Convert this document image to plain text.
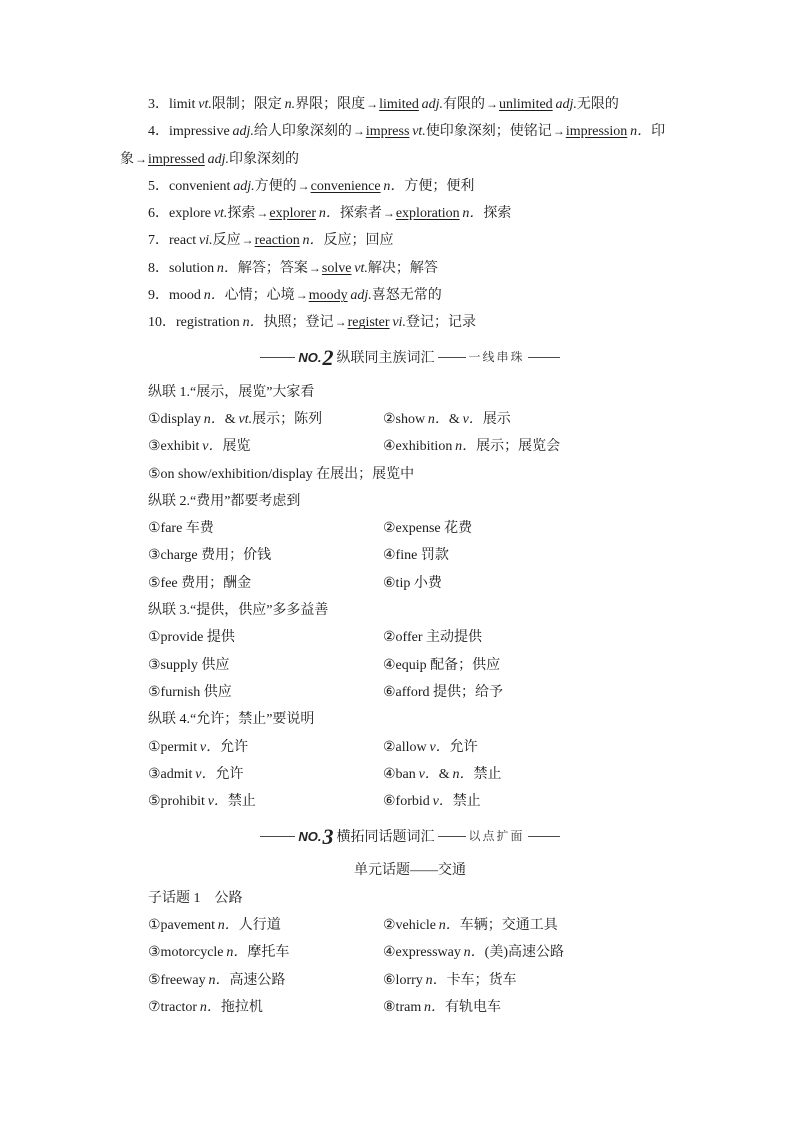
3．limit vt.限制；限定 n.界限；限度→limited adj.有限的→unlimited adj.无限的
4．impressive adj.给人印象深刻的→impress vt.使印象深刻；使铭记→impression n．印
象→impressed adj.印象深刻的
5．convenient adj.方便的→convenience n．方便；便利
6．explore vt.探索→explorer n．探索者→exploration n．探索
7．react vi.反应→reaction n．反应；回应
8．solution n．解答；答案→solve vt.解决；解答
9．mood n．心情；心境→moody adj.喜怒无常的
10．registration n．执照；登记→register vi.登记；记录
NO. 2 纵联同主族词汇	一线串珠
纵联 1.“展示，展览”大家看
①display n．& vt.展示；陈列	②show n．& v．展示
③exhibit v．展览	④exhibition n．展示；展览会
⑤on show/exhibition/display 在展出；展览中
纵联 2.“费用”都要考虑到
①fare 车费	②expense 花费
③charge 费用；价钱	④fine 罚款
⑤fee 费用；酬金	⑥tip 小费
纵联 3.“提供，供应”多多益善
①provide 提供	②offer 主动提供
③supply 供应	④equip 配备；供应
⑤furnish 供应	⑥afford 提供；给予
纵联 4.“允许；禁止”要说明
①permit v．允许	②allow v．允许
③admit v．允许	④ban v．& n．禁止
⑤prohibit v．禁止	⑥forbid v．禁止
NO. 3 横拓同话题词汇	以点扩面
单元话题——交通
子话题 1　公路
①pavement n．人行道	②vehicle n．车辆；交通工具
③motorcycle n．摩托车	④expressway n．(美)高速公路
⑤freeway n．高速公路	⑥lorry n．卡车；货车
⑦tractor n．拖拉机	⑧tram n．有轨电车
